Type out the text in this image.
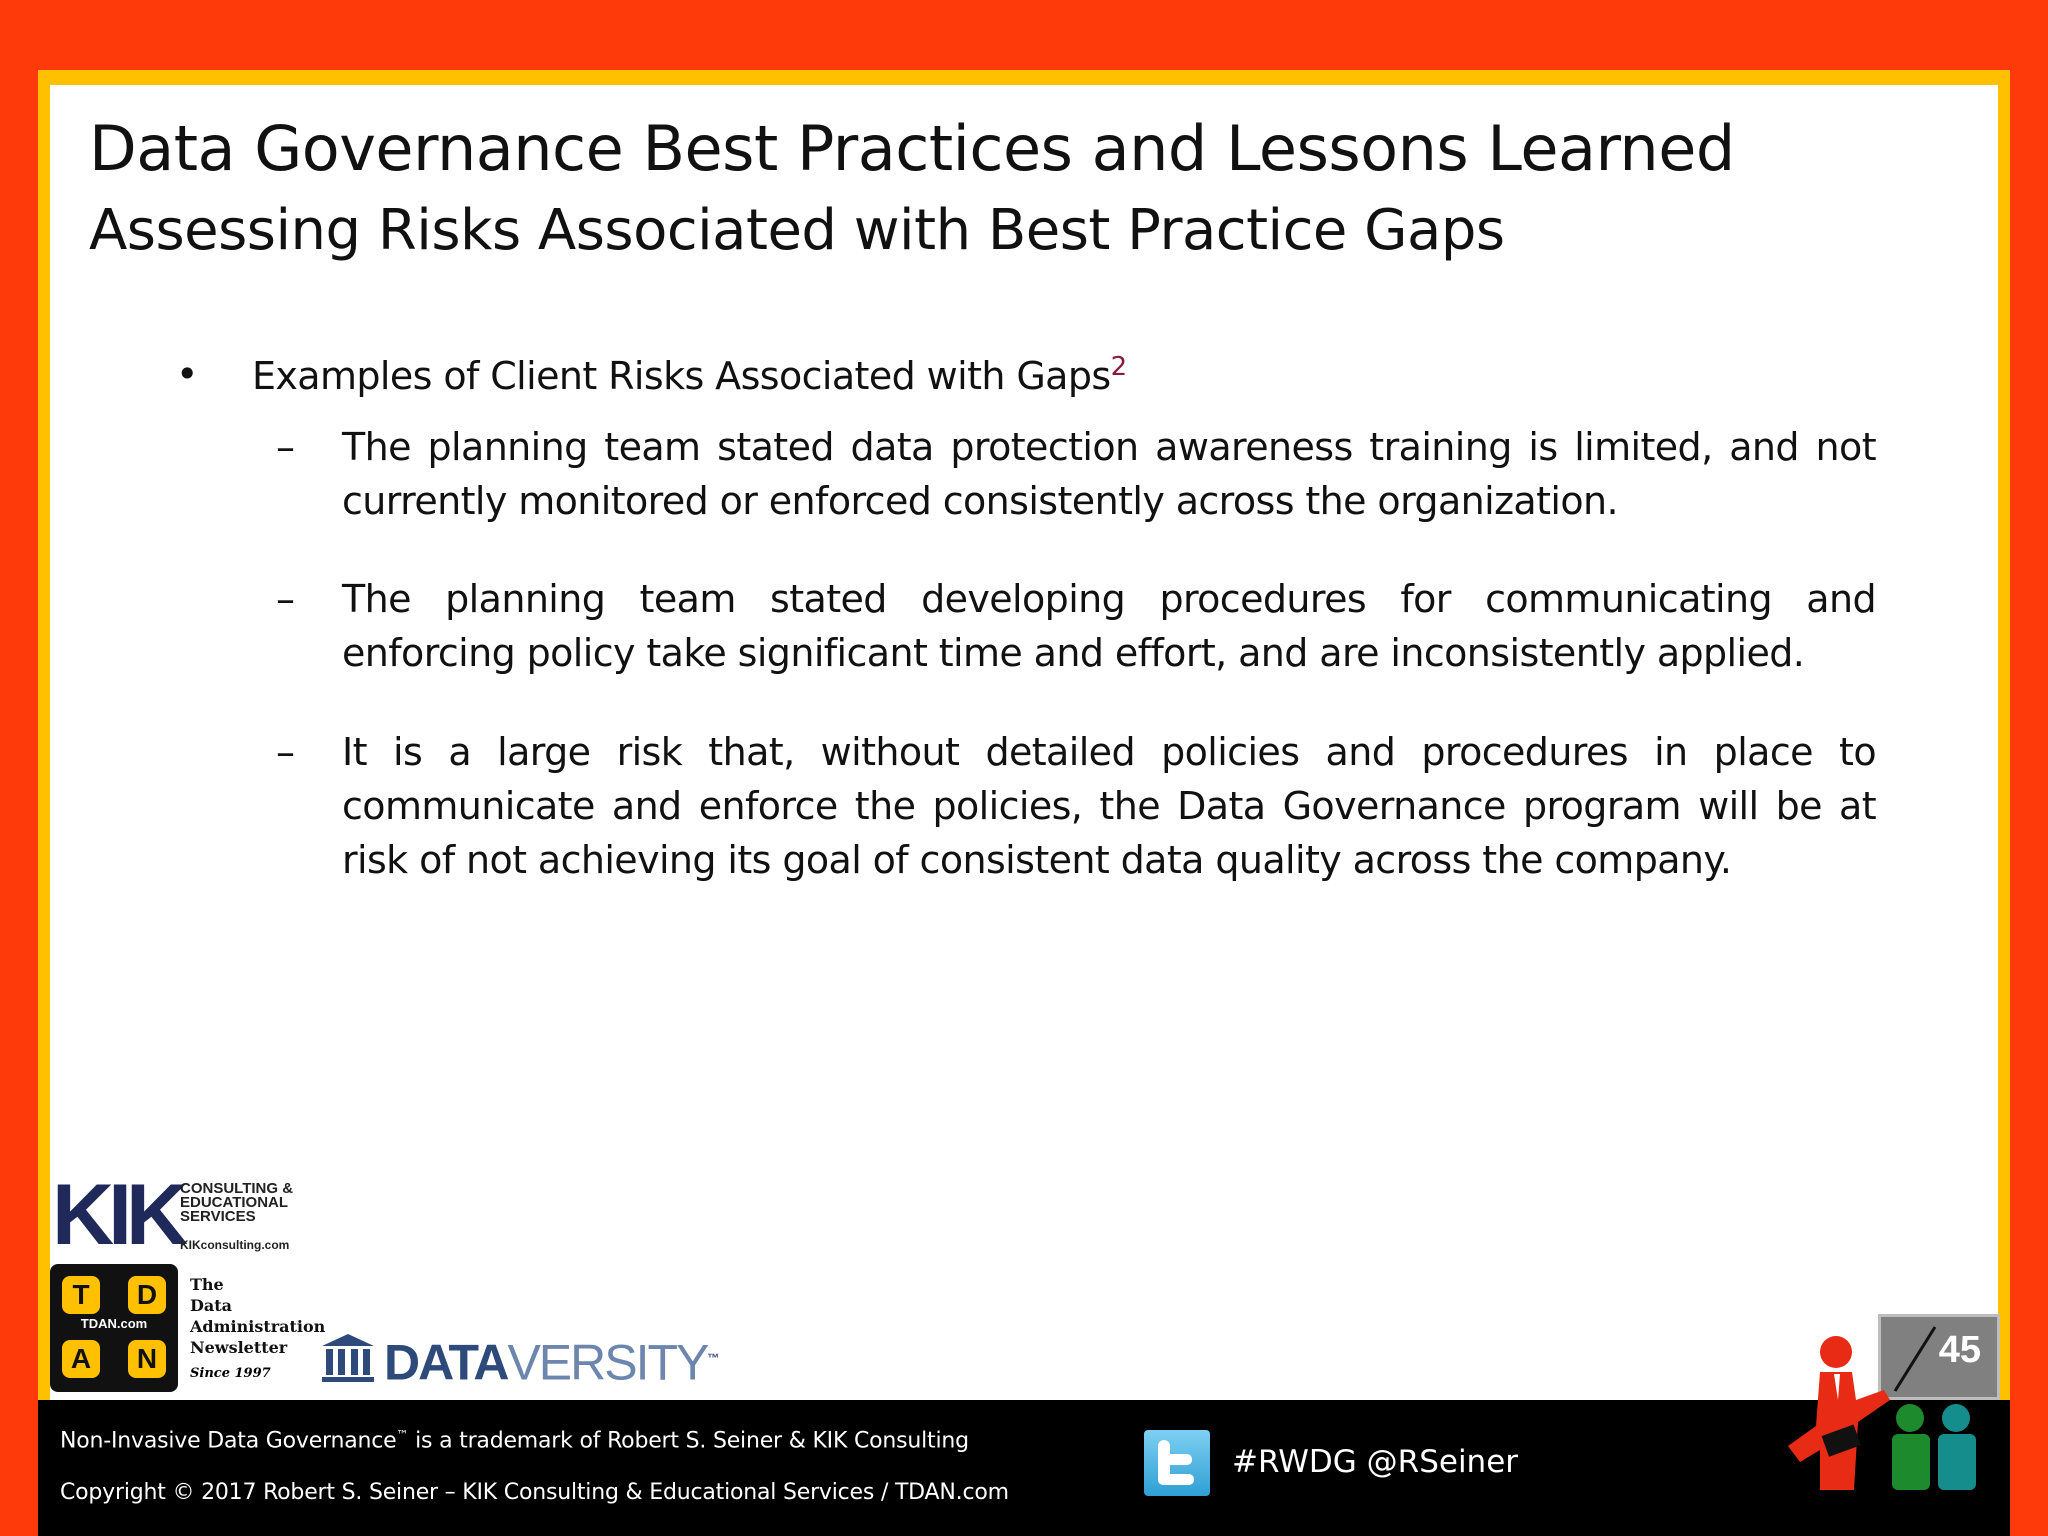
Data Governance Best Practices and Lessons Learned
Assessing Risks Associated with Best Practice Gaps
• Examples of Client Risks Associated with Gaps$^2$
– The planning team stated data protection awareness training is limited, and not currently monitored or enforced consistently across the organization.
– The planning team stated developing procedures for communicating and enforcing policy take significant time and effort, and are inconsistently applied.
– It is a large risk that, without detailed policies and procedures in place to communicate and enforce the policies, the Data Governance program will be at risk of not achieving its goal of consistent data quality across the company.
KIK
CONSULTING &
EDUCATIONAL
SERVICES
KIKconsulting.com
T	D
TDAN.com
A	N
The
Data
Administration
Newsletter
Since 1997 DATAVERSITY™	45
Non-Invasive Data Governance™ is a trademark of Robert S. Seiner & KIK Consulting
Copyright © 2017 Robert S. Seiner – KIK Consulting & Educational Services / TDAN.com
#RWDG @RSeiner
